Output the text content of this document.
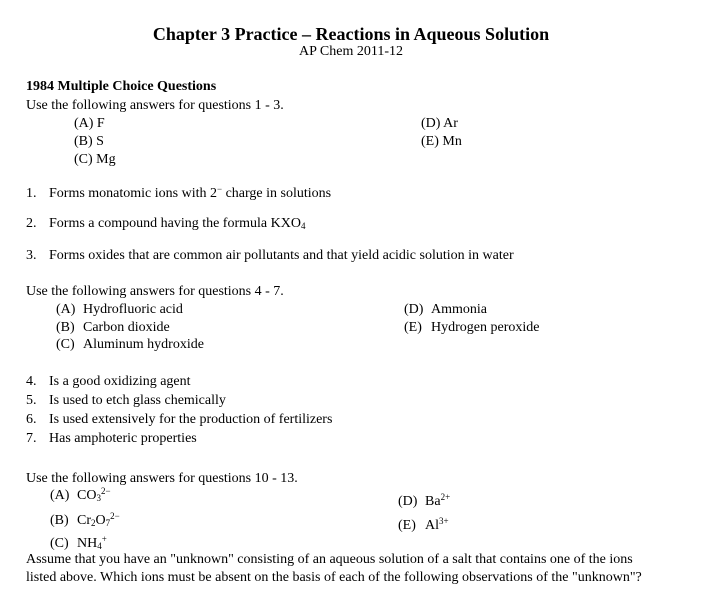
Chapter 3 Practice – Reactions in Aqueous Solution
AP Chem 2011-12
1984 Multiple Choice Questions
Use the following answers for questions 1 - 3.
(A) F
(B) S
(C) Mg
(D) Ar
(E) Mn
1. Forms monatomic ions with 2− charge in solutions
2. Forms a compound having the formula $KXO_4$
3. Forms oxides that are common air pollutants and that yield acidic solution in water
Use the following answers for questions 4 - 7.
(A) Hydrofluoric acid
(B) Carbon dioxide
(C) Aluminum hydroxide
(D) Ammonia
(E) Hydrogen peroxide
4. Is a good oxidizing agent
5. Is used to etch glass chemically
6. Is used extensively for the production of fertilizers
7. Has amphoteric properties
Use the following answers for questions 10 - 13.
(A) $CO_3^{2-}$
(B) $Cr_2O_7^{2-}$
(C) $NH_4^+$
(D) $Ba^{2+}$
(E) $Al^{3+}$
Assume that you have an "unknown" consisting of an aqueous solution of a salt that contains one of the ions
listed above. Which ions must be absent on the basis of each of the following observations of the "unknown"?
